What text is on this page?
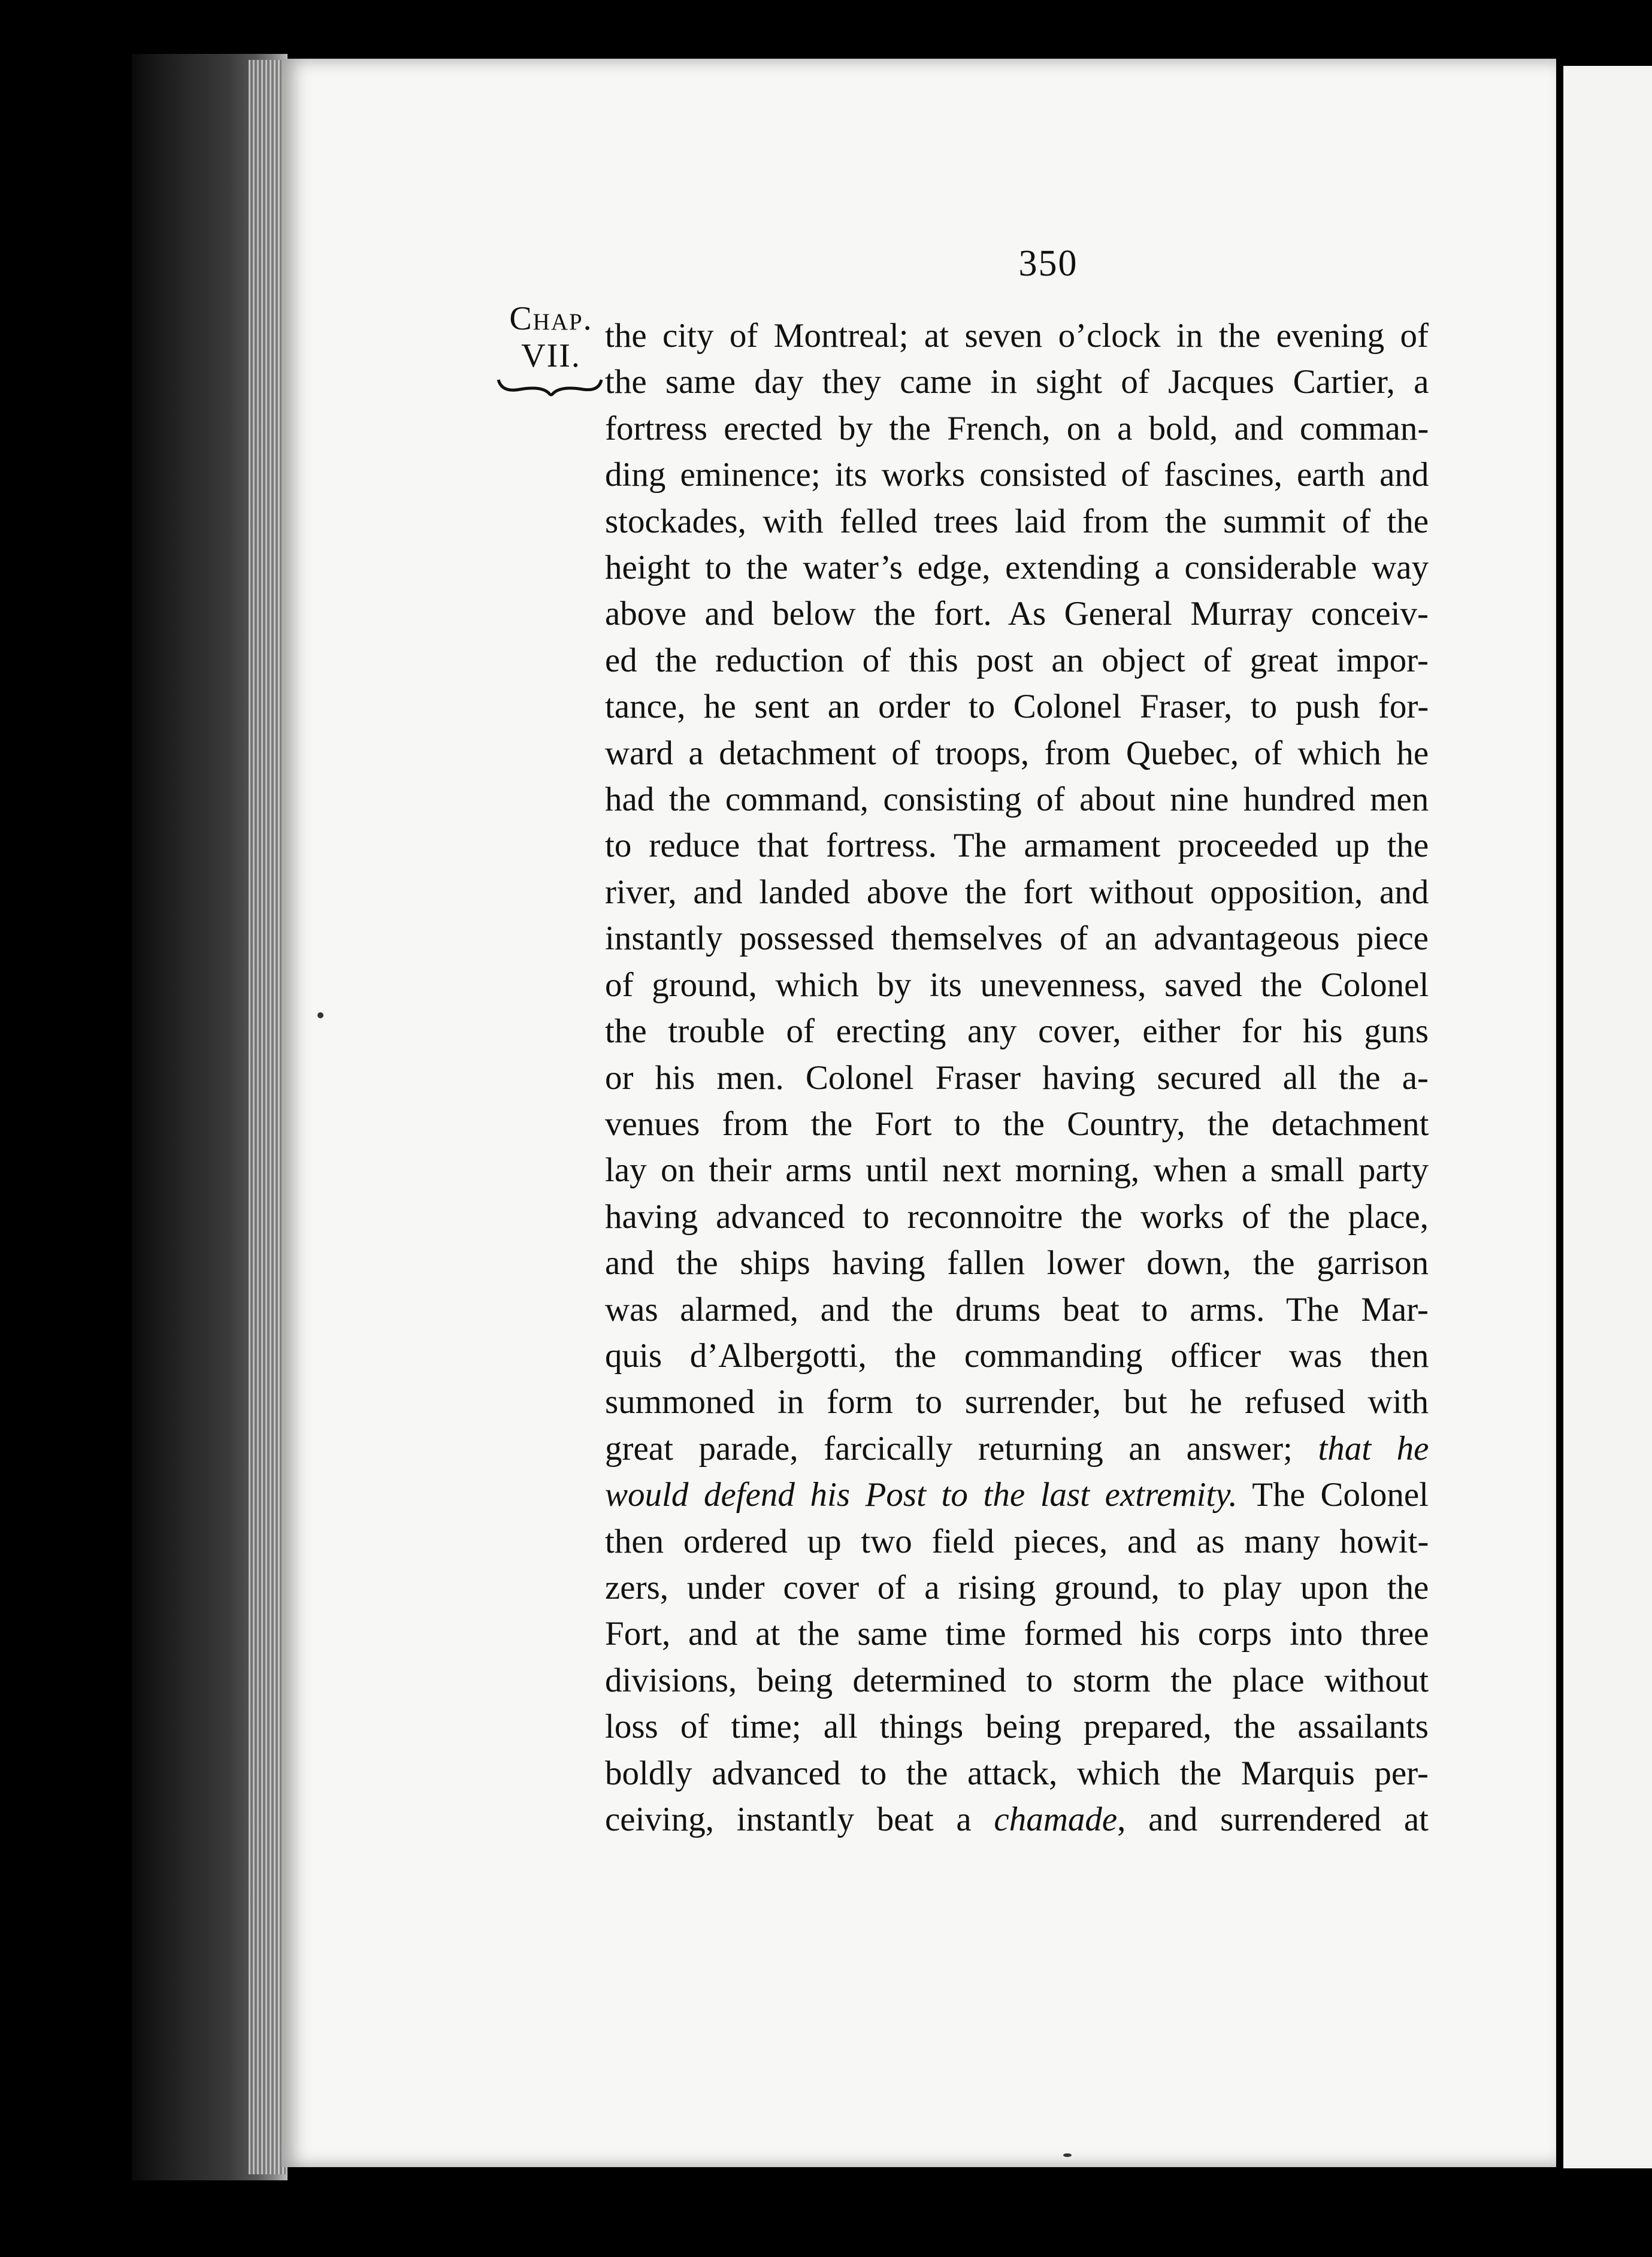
350
Chap.
VII.
the city of Montreal; at seven o’clock in the evening of
the same day they came in sight of Jacques Cartier, a
fortress erected by the French, on a bold, and comman-
ding eminence; its works consisted of fascines, earth and
stockades, with felled trees laid from the summit of the
height to the water’s edge, extending a considerable way
above and below the fort. As General Murray conceiv-
ed the reduction of this post an object of great impor-
tance, he sent an order to Colonel Fraser, to push for-
ward a detachment of troops, from Quebec, of which he
had the command, consisting of about nine hundred men
to reduce that fortress. The armament proceeded up the
river, and landed above the fort without opposition, and
instantly possessed themselves of an advantageous piece
of ground, which by its unevenness, saved the Colonel
the trouble of erecting any cover, either for his guns
or his men. Colonel Fraser having secured all the a-
venues from the Fort to the Country, the detachment
lay on their arms until next morning, when a small party
having advanced to reconnoitre the works of the place,
and the ships having fallen lower down, the garrison
was alarmed, and the drums beat to arms. The Mar-
quis d’Albergotti, the commanding officer was then
summoned in form to surrender, but he refused with
great parade, farcically returning an answer; that he
would defend his Post to the last extremity. The Colonel
then ordered up two field pieces, and as many howit-
zers, under cover of a rising ground, to play upon the
Fort, and at the same time formed his corps into three
divisions, being determined to storm the place without
loss of time; all things being prepared, the assailants
boldly advanced to the attack, which the Marquis per-
ceiving, instantly beat a chamade, and surrendered at
